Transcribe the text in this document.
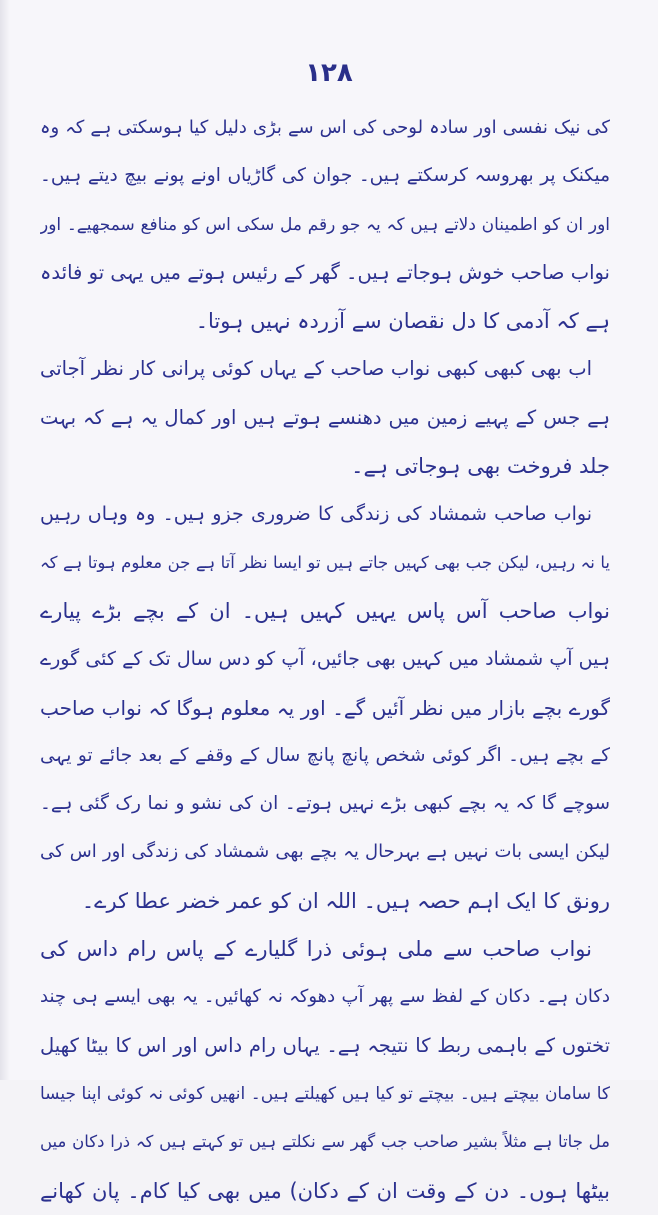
۱۲۸
کی نیک نفسی اور سادہ لوحی کی اس سے بڑی دلیل کیا ہوسکتی ہے کہ وہ
میکنک پر بھروسہ کرسکتے ہیں۔ جوان کی گاڑیاں اونے پونے بیچ دیتے ہیں۔
اور ان کو اطمینان دلاتے ہیں کہ یہ جو رقم مل سکی اس کو منافع سمجھیے۔ اور
نواب صاحب خوش ہوجاتے ہیں۔ گھر کے رئیس ہوتے میں یہی تو فائدہ
ہے کہ آدمی کا دل نقصان سے آزردہ نہیں ہوتا۔
اب بھی کبھی کبھی نواب صاحب کے یہاں کوئی پرانی کار نظر آجاتی
ہے جس کے پہیے زمین میں دھنسے ہوتے ہیں اور کمال یہ ہے کہ بہت
جلد فروخت بھی ہوجاتی ہے۔
نواب صاحب شمشاد کی زندگی کا ضروری جزو ہیں۔ وہ وہاں رہیں
یا نہ رہیں، لیکن جب بھی کہیں جاتے ہیں تو ایسا نظر آتا ہے جن معلوم ہوتا ہے کہ
نواب صاحب آس پاس یہیں کہیں ہیں۔ ان کے بچے بڑے پیارے
ہیں آپ شمشاد میں کہیں بھی جائیں، آپ کو دس سال تک کے کئی گورے
گورے بچے بازار میں نظر آئیں گے۔ اور یہ معلوم ہوگا کہ نواب صاحب
کے بچے ہیں۔ اگر کوئی شخص پانچ پانچ سال کے وقفے کے بعد جائے تو یہی
سوچے گا کہ یہ بچے کبھی بڑے نہیں ہوتے۔ ان کی نشو و نما رک گئی ہے۔
لیکن ایسی بات نہیں ہے بہرحال یہ بچے بھی شمشاد کی زندگی اور اس کی
رونق کا ایک اہم حصہ ہیں۔ اللہ ان کو عمر خضر عطا کرے۔
نواب صاحب سے ملی ہوئی ذرا گلیارے کے پاس رام داس کی
دکان ہے۔ دکان کے لفظ سے پھر آپ دھوکہ نہ کھائیں۔ یہ بھی ایسے ہی چند
تختوں کے باہمی ربط کا نتیجہ ہے۔ یہاں رام داس اور اس کا بیٹا کھیل
کا سامان بیچتے ہیں۔ بیچتے تو کیا ہیں کھیلتے ہیں۔ انھیں کوئی نہ کوئی اپنا جیسا
مل جاتا ہے مثلاً بشیر صاحب جب گھر سے نکلتے ہیں تو کہتے ہیں کہ ذرا دکان میں
بیٹھا ہوں۔ دن کے وقت ان کے دکان) میں بھی کیا کام۔ پان کھانے
